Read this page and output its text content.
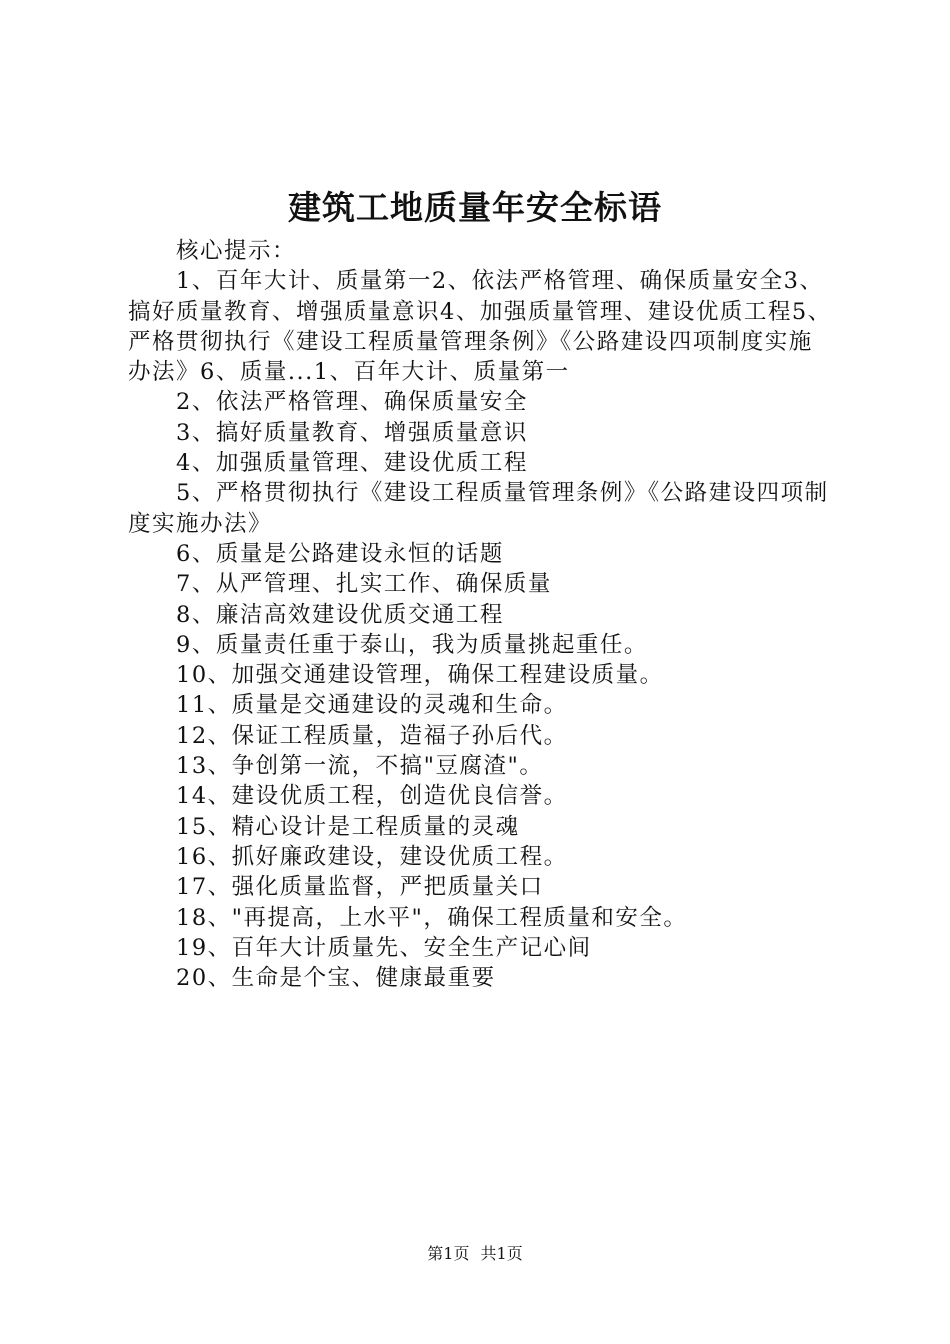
建筑工地质量年安全标语

核心提示：

1、百年大计、质量第一2、依法严格管理、确保质量安全3、搞好质量教育、增强质量意识4、加强质量管理、建设优质工程5、严格贯彻执行《建设工程质量管理条例》《公路建设四项制度实施办法》6、质量...1、百年大计、质量第一

2、依法严格管理、确保质量安全

3、搞好质量教育、增强质量意识

4、加强质量管理、建设优质工程

5、严格贯彻执行《建设工程质量管理条例》《公路建设四项制度实施办法》

6、质量是公路建设永恒的话题

7、从严管理、扎实工作、确保质量

8、廉洁高效建设优质交通工程

9、质量责任重于泰山，我为质量挑起重任。

10、加强交通建设管理，确保工程建设质量。

11、质量是交通建设的灵魂和生命。

12、保证工程质量，造福子孙后代。

13、争创第一流，不搞"豆腐渣"。

14、建设优质工程，创造优良信誉。

15、精心设计是工程质量的灵魂

16、抓好廉政建设，建设优质工程。

17、强化质量监督，严把质量关口

18、"再提高，上水平"，确保工程质量和安全。

19、百年大计质量先、安全生产记心间

20、生命是个宝、健康最重要

第1页 共1页
